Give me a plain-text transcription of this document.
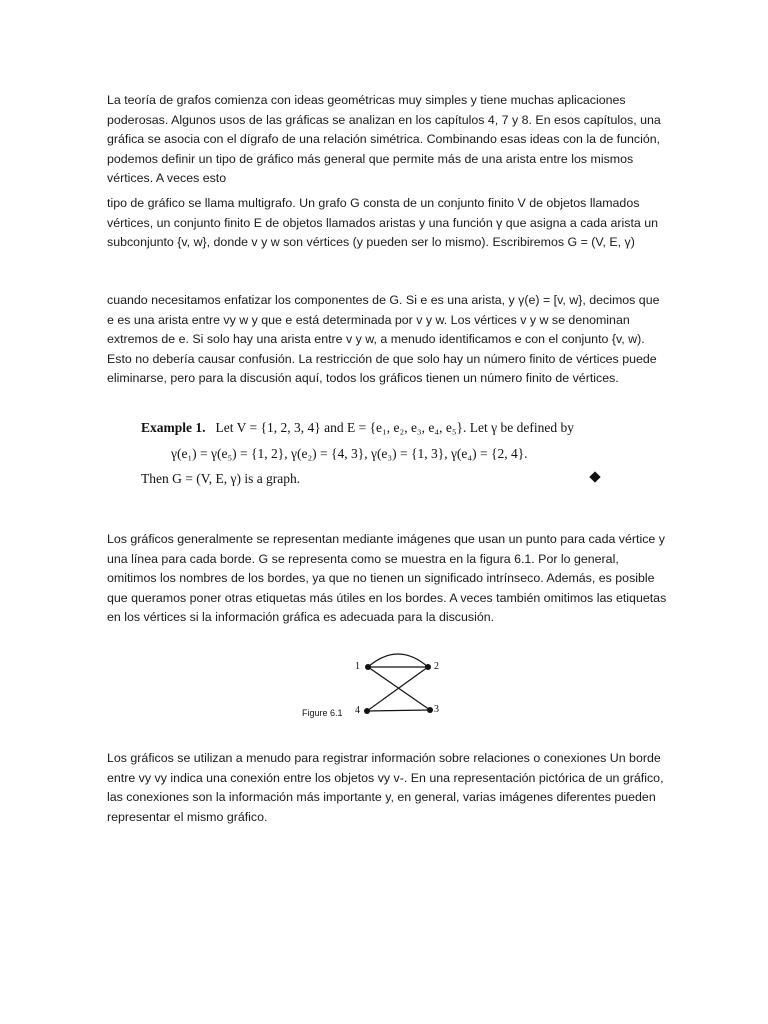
La teoría de grafos comienza con ideas geométricas muy simples y tiene muchas aplicaciones poderosas. Algunos usos de las gráficas se analizan en los capítulos 4, 7 y 8. En esos capítulos, una gráfica se asocia con el dígrafo de una relación simétrica. Combinando esas ideas con la de función, podemos definir un tipo de gráfico más general que permite más de una arista entre los mismos vértices. A veces esto

tipo de gráfico se llama multigrafo. Un grafo G consta de un conjunto finito V de objetos llamados vértices, un conjunto finito E de objetos llamados aristas y una función γ que asigna a cada arista un subconjunto {v, w}, donde v y w son vértices (y pueden ser lo mismo). Escribiremos G = (V, E, γ)

cuando necesitamos enfatizar los componentes de G. Si e es una arista, y γ(e) = [v, w}, decimos que e es una arista entre vy w y que e está determinada por v y w. Los vértices v y w se denominan extremos de e. Si solo hay una arista entre v y w, a menudo identificamos e con el conjunto {v, w). Esto no debería causar confusión. La restricción de que solo hay un número finito de vértices puede eliminarse, pero para la discusión aquí, todos los gráficos tienen un número finito de vértices.

Example 1. Let V = {1, 2, 3, 4} and E = {e₁, e₂, e₃, e₄, e₅}. Let γ be defined by
γ(e₁) = γ(e₅) = {1, 2}, γ(e₂) = {4, 3}, γ(e₃) = {1, 3}, γ(e₄) = {2, 4}.
Then G = (V, E, γ) is a graph.

Los gráficos generalmente se representan mediante imágenes que usan un punto para cada vértice y una línea para cada borde. G se representa como se muestra en la figura 6.1. Por lo general, omitimos los nombres de los bordes, ya que no tienen un significado intrínseco. Además, es posible que queramos poner otras etiquetas más útiles en los bordes. A veces también omitimos las etiquetas en los vértices si la información gráfica es adecuada para la discusión.

1	2
3
4
Figure 6.1

Los gráficos se utilizan a menudo para registrar información sobre relaciones o conexiones Un borde entre vy vy indica una conexión entre los objetos vy v-. En una representación pictórica de un gráfico, las conexiones son la información más importante y, en general, varias imágenes diferentes pueden representar el mismo gráfico.
